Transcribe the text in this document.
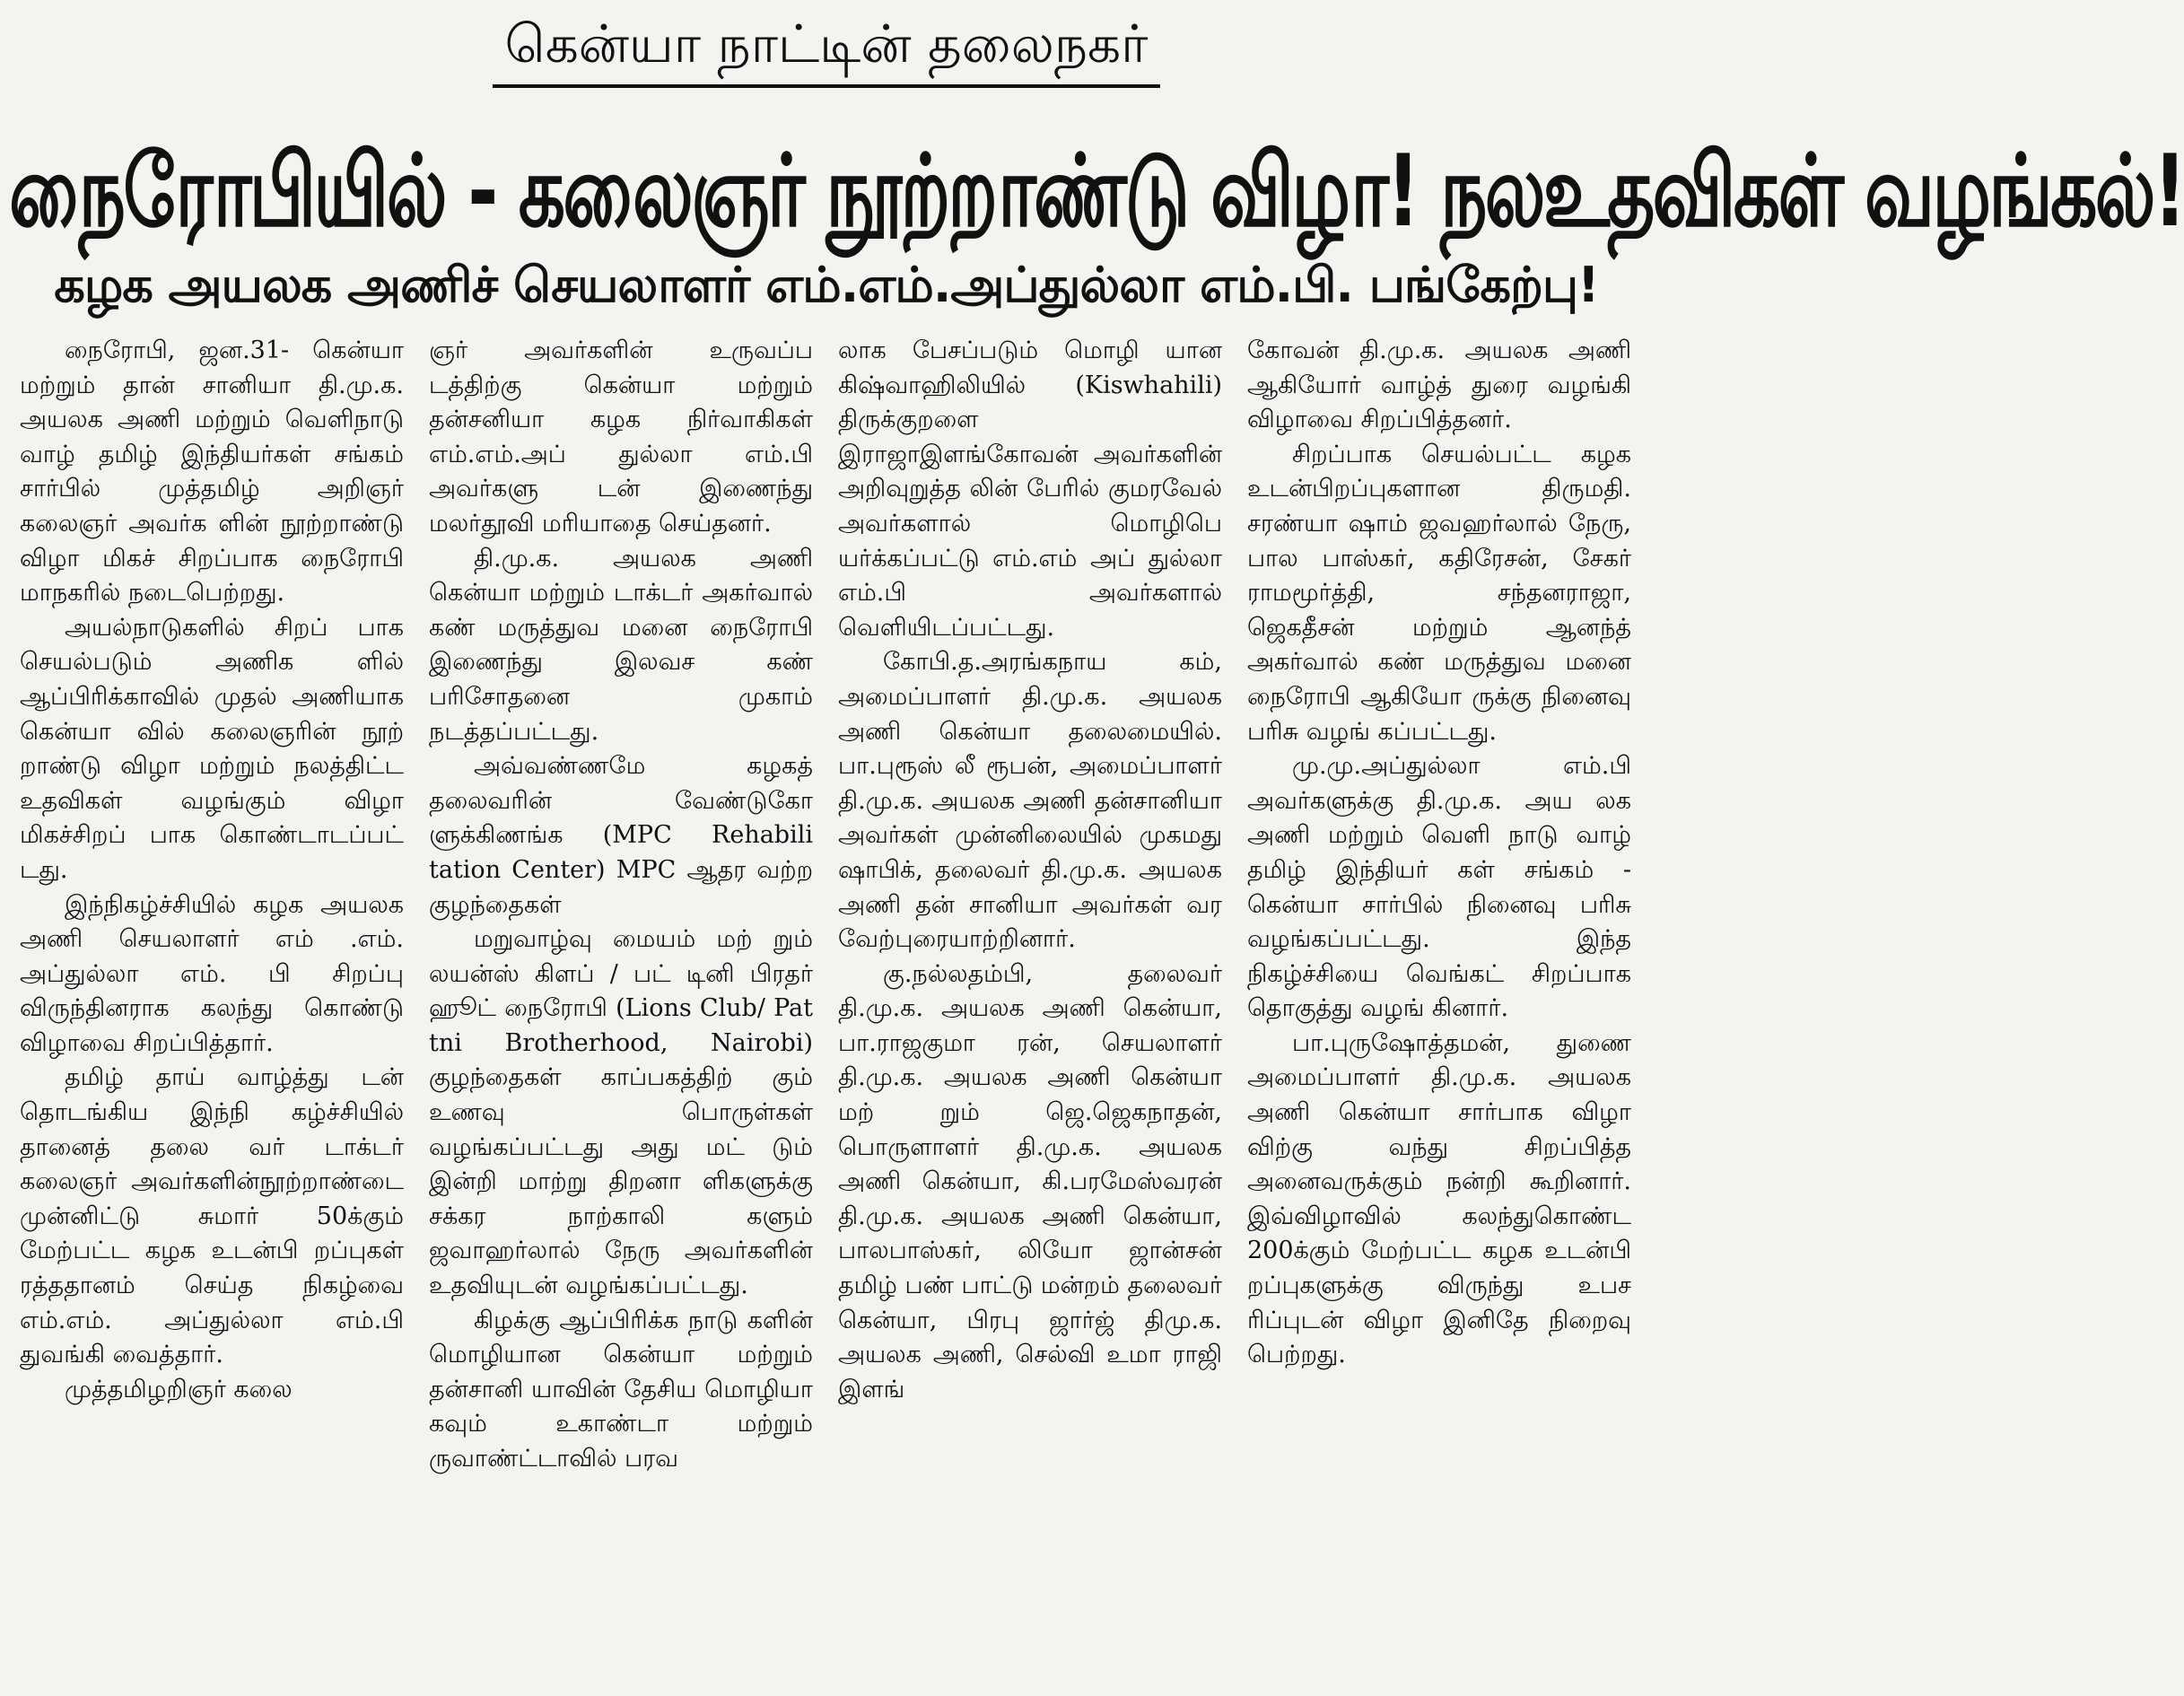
கென்யா நாட்டின் தலைநகர்
நைரோபியில் - கலைஞர் நூற்றாண்டு விழா! நலஉதவிகள் வழங்கல்!
கழக அயலக அணிச் செயலாளர் எம்.எம்.அப்துல்லா எம்.பி. பங்கேற்பு!

நைரோபி, ஜன.31- கென்யா மற்றும் தான் சானியா தி.மு.க. அயலக அணி மற்றும் வெளிநாடு வாழ் தமிழ் இந்தியர்கள் சங்கம் சார்பில் முத்தமிழ் அறிஞர் கலைஞர் அவர்க ளின் நூற்றாண்டு விழா மிகச் சிறப்பாக நைரோபி மாநகரில் நடைபெற்றது.

அயல்நாடுகளில் சிறப் பாக செயல்படும் அணிக ளில் ஆப்பிரிக்காவில் முதல் அணியாக கென்யா வில் கலைஞரின் நூற் றாண்டு விழா மற்றும் நலத்திட்ட உதவிகள் வழங்கும் விழா மிகச்சிறப் பாக கொண்டாடப்பட் டது.

இந்நிகழ்ச்சியில் கழக அயலக அணி செயலாளர் எம் .எம். அப்துல்லா எம். பி சிறப்பு விருந்தினராக கலந்து கொண்டு விழாவை சிறப்பித்தார்.

தமிழ் தாய் வாழ்த்து டன் தொடங்கிய இந்நி கழ்ச்சியில் தானைத் தலை வர் டாக்டர் கலைஞர் அவர்களின்நூற்றாண்டை முன்னிட்டு சுமார் 50க்கும் மேற்பட்ட கழக உடன்பி றப்புகள் ரத்ததானம் செய்த நிகழ்வை எம்.எம். அப்துல்லா எம்.பி துவங்கி வைத்தார்.

முத்தமிழறிஞர் கலை

ஞர் அவர்களின் உருவப்ப டத்திற்கு கென்யா மற்றும் தன்சனியா கழக நிர்வாகிகள் எம்.எம்.அப் துல்லா எம்.பி அவர்களு டன் இணைந்து மலர்தூவி மரியாதை செய்தனர்.

தி.மு.க. அயலக அணி கென்யா மற்றும் டாக்டர் அகர்வால் கண் மருத்துவ மனை நைரோபி இணைந்து இலவச கண் பரிசோதனை முகாம் நடத்தப்பட்டது.

அவ்வண்ணமே கழகத் தலைவரின் வேண்டுகோ ளுக்கிணங்க (MPC Rehabili tation Center) MPC ஆதர வற்ற குழந்தைகள்

மறுவாழ்வு மையம் மற் றும் லயன்ஸ் கிளப் / பட் டினி பிரதர் ஹூட் நைரோபி (Lions Club/ Pat tni Brotherhood, Nairobi) குழந்தைகள் காப்பகத்திற் கும் உணவு பொருள்கள் வழங்கப்பட்டது அது மட் டும் இன்றி மாற்று திறனா ளிகளுக்கு சக்கர நாற்காலி களும் ஜவாஹர்லால் நேரு அவர்களின் உதவியுடன் வழங்கப்பட்டது.

கிழக்கு ஆப்பிரிக்க நாடு களின் மொழியான கென்யா மற்றும் தன்சானி யாவின் தேசிய மொழியா கவும் உகாண்டா மற்றும் ருவாண்ட்டாவில் பரவ

லாக பேசப்படும் மொழி யான கிஷ்வாஹிலியில் (Kiswhahili) திருக்குறளை இராஜாஇளங்கோவன் அவர்களின் அறிவுறுத்த லின் பேரில் குமரவேல் அவர்களால் மொழிபெ யர்க்கப்பட்டு எம்.எம் அப் துல்லா எம்.பி அவர்களால் வெளியிடப்பட்டது.

கோபி.த.அரங்கநாய கம், அமைப்பாளர் தி.மு.க. அயலக அணி கென்யா தலைமையில். பா.புரூஸ் லீ ரூபன், அமைப்பாளர் தி.மு.க. அயலக அணி தன்சானியா அவர்கள் முன்னிலையில் முகமது ஷாபிக், தலைவர் தி.மு.க. அயலக அணி தன் சானியா அவர்கள் வர வேற்புரையாற்றினார்.

கு.நல்லதம்பி, தலைவர் தி.மு.க. அயலக அணி கென்யா, பா.ராஜகுமா ரன், செயலாளர் தி.மு.க. அயலக அணி கென்யா மற் றும் ஜெ.ஜெகநாதன், பொருளாளர் தி.மு.க. அயலக அணி கென்யா, கி.பரமேஸ்வரன் தி.மு.க. அயலக அணி கென்யா, பாலபாஸ்கர், லியோ ஜான்சன் தமிழ் பண் பாட்டு மன்றம் தலைவர் கென்யா, பிரபு ஜார்ஜ் திமு.க. அயலக அணி, செல்வி உமா ராஜி இளங்

கோவன் தி.மு.க. அயலக அணி ஆகியோர் வாழ்த் துரை வழங்கி விழாவை சிறப்பித்தனர்.

சிறப்பாக செயல்பட்ட கழக உடன்பிறப்புகளான திருமதி. சரண்யா ஷாம் ஜவஹர்லால் நேரு, பால பாஸ்கர், கதிரேசன், சேகர் ராமமூர்த்தி, சந்தனராஜா, ஜெகதீசன் மற்றும் ஆனந்த் அகர்வால் கண் மருத்துவ மனை நைரோபி ஆகியோ ருக்கு நினைவு பரிசு வழங் கப்பட்டது.

மு.மு.அப்துல்லா எம்.பி அவர்களுக்கு தி.மு.க. அய லக அணி மற்றும் வெளி நாடு வாழ் தமிழ் இந்தியர் கள் சங்கம் - கென்யா சார்பில் நினைவு பரிசு வழங்கப்பட்டது. இந்த நிகழ்ச்சியை வெங்கட் சிறப்பாக தொகுத்து வழங் கினார்.

பா.புருஷோத்தமன், துணை அமைப்பாளர் தி.மு.க. அயலக அணி கென்யா சார்பாக விழா விற்கு வந்து சிறப்பித்த அனைவருக்கும் நன்றி கூறினார். இவ்விழாவில் கலந்துகொண்ட 200க்கும் மேற்பட்ட கழக உடன்பி றப்புகளுக்கு விருந்து உபச ரிப்புடன் விழா இனிதே நிறைவு பெற்றது.
